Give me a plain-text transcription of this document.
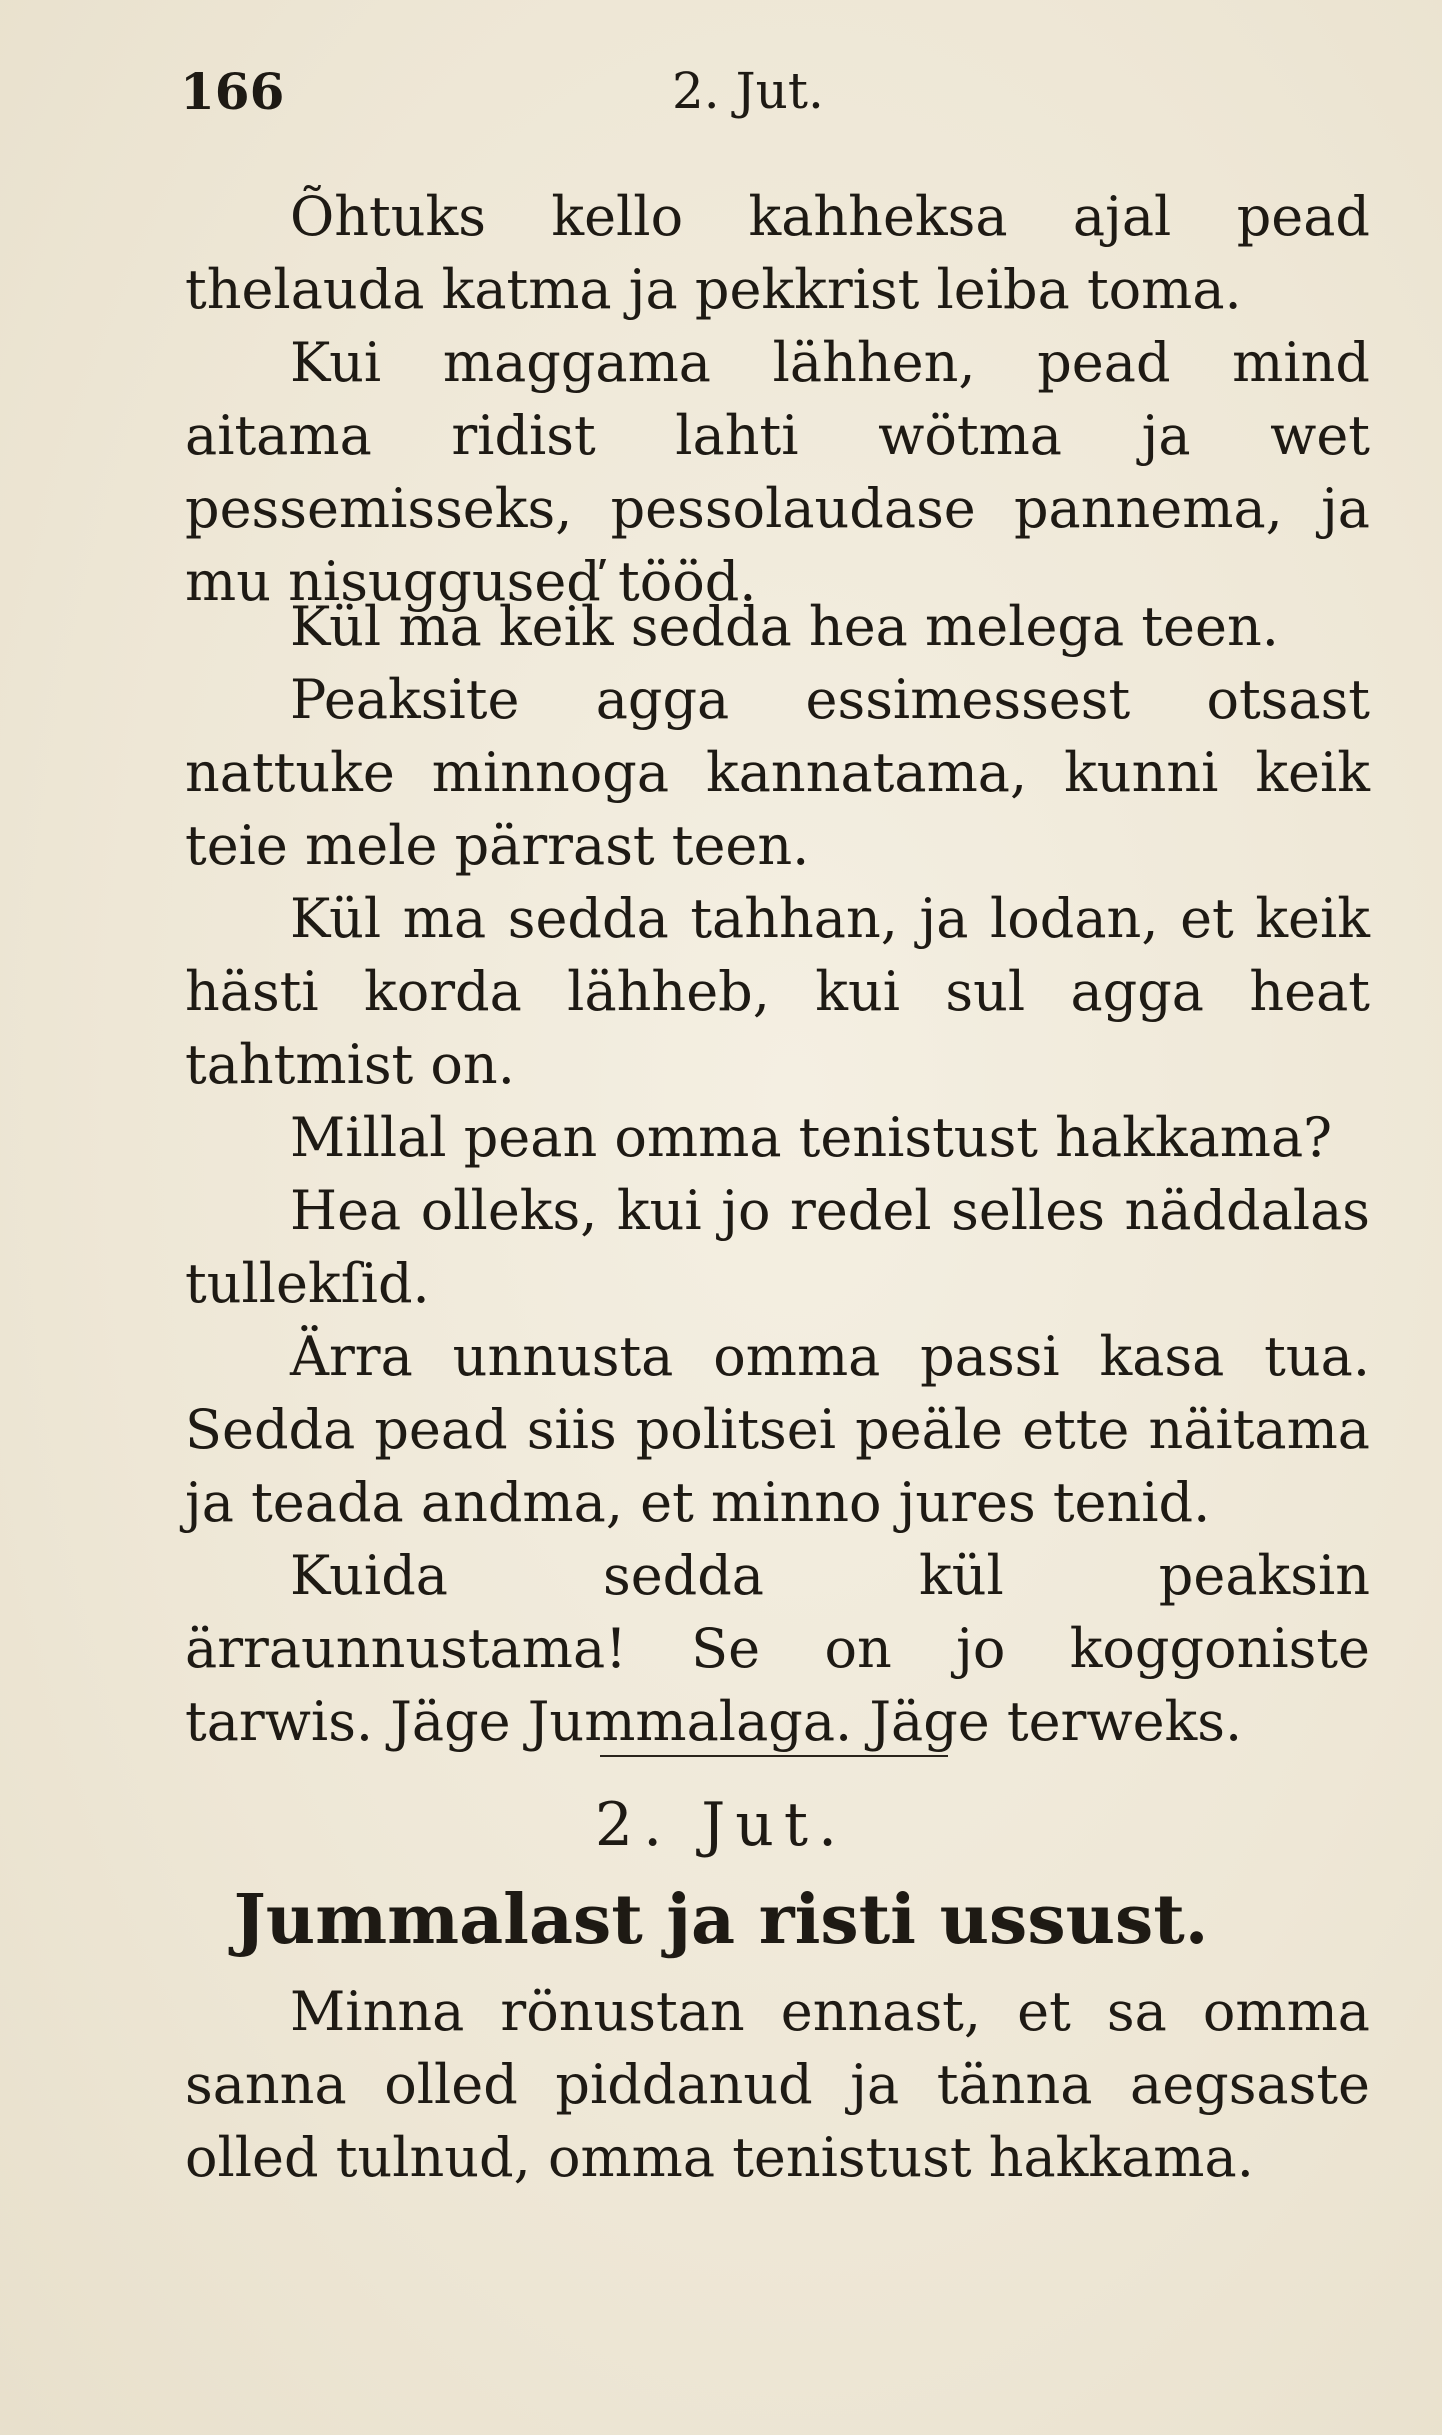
166	2. Jut.

Õhtuks kello kahheksa ajal pead thelauda katma ja pekkrist leiba toma.

Kui maggama lähhen, pead mind aitama ridist lahti wötma ja wet pessemisseks, pessolaudase pannema, ja mu nisugguseď tööd.

Kül ma keik sedda hea melega teen.

Peaksite agga essimessest otsast nattuke minnoga kannatama, kunni keik teie mele pärrast teen.

Kül ma sedda tahhan, ja lodan, et keik hästi korda lähheb, kui sul agga heat tahtmist on.

Millal pean omma tenistust hakkama?

Hea olleks, kui jo redel selles näddalas tullekſid.

Ärra unnusta omma passi kasa tua. Sedda pead siis politsei peäle ette näitama ja teada andma, et minno jures tenid.

Kuida sedda kül peaksin ärraunnustama! Se on jo koggoniste tarwis. Jäge Jummalaga. Jäge terweks.

2. Jut.
Jummalast ja risti ussust.

Minna rönustan ennast, et sa omma sanna olled piddanud ja tänna aegsaste olled tulnud, omma tenistust hakkama.
